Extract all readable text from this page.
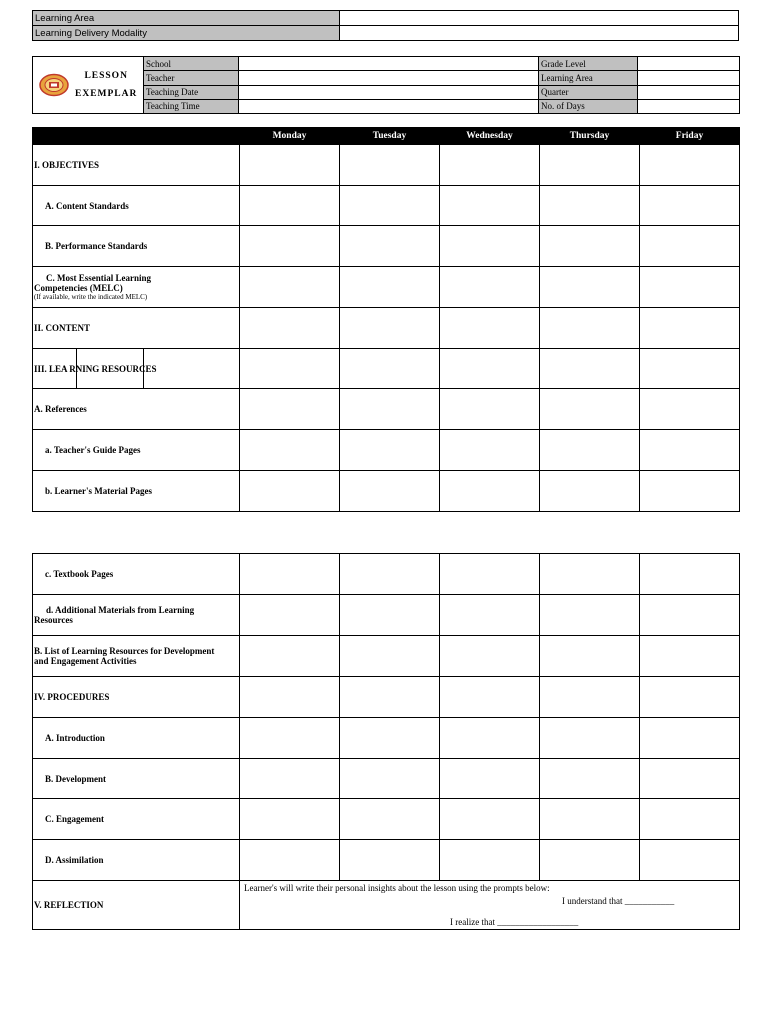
Learning Area	
Learning Delivery Modality	
LESSON
EXEMPLAR	School		Grade Level	
	Teacher		Learning Area	
	Teaching Date		Quarter	
	Teaching Time		No. of Days	
	Monday	Tuesday	Wednesday	Thursday	Friday
I. OBJECTIVES					
A. Content Standards					
B. Performance Standards					

C. Most Essential Learning
Competencies (MELC)
(If available, write the indicated MELC)					

II. CONTENT					
III. LEA RNING RESOURCES

A. References					
a. Teacher's Guide Pages					
b. Learner's Material Pages					
c. Textbook Pages					

d. Additional Materials from Learning
Resources					

B. List of Learning Resources for Development
and Engagement Activities					

IV. PROCEDURES					
A. Introduction					
B. Development					
C. Engagement					
D. Assimilation					
V. REFLECTION	Learner's will write their personal insights about the lesson using the prompts below:
I understand that ___________
I realize that __________________				
